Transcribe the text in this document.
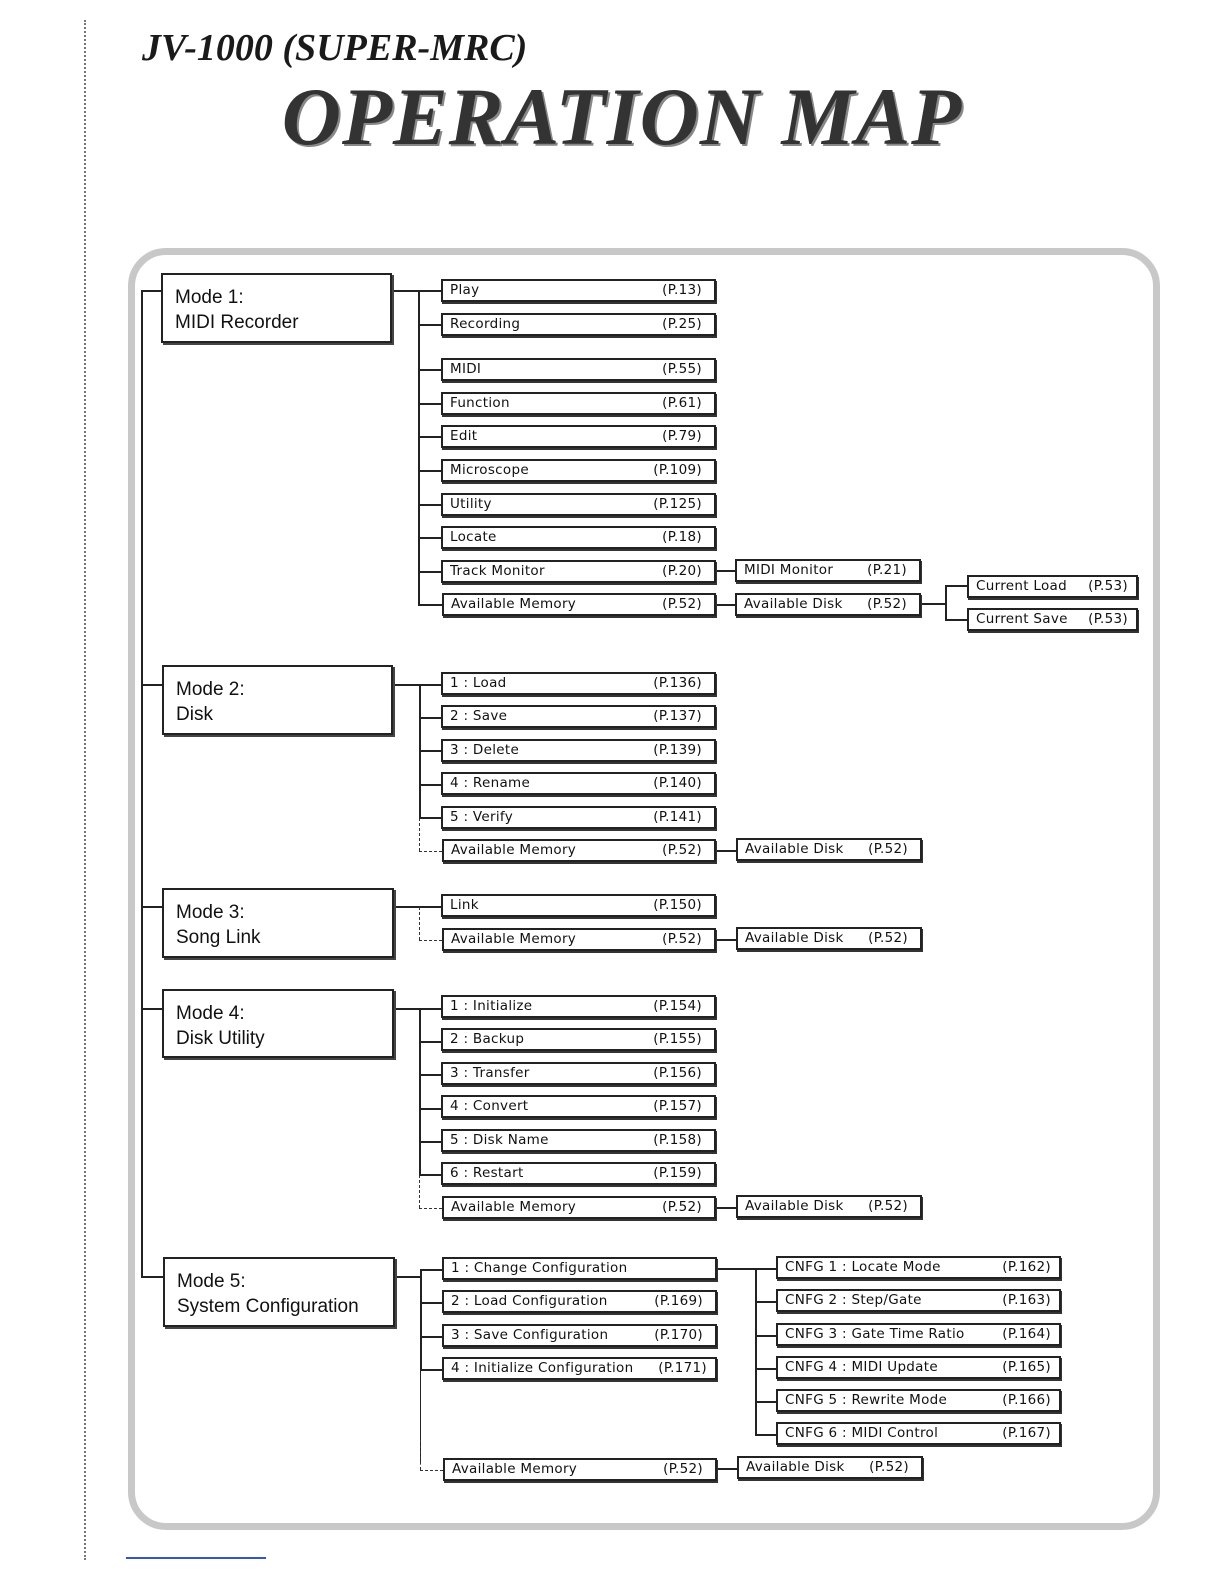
JV-1000 (SUPER-MRC)
OPERATION MAP
Mode 1:
MIDI Recorder
Mode 2:
Disk
Mode 3:
Song Link
Mode 4:
Disk Utility
Mode 5:
System Configuration
Play	(P.13)
Recording	(P.25)
MIDI	(P.55)
Function	(P.61)
Edit	(P.79)
Microscope	(P.109)
Utility	(P.125)
Locate	(P.18)
Track Monitor	(P.20)
Available Memory	(P.52)
MIDI Monitor	(P.21)
Available Disk (P.52)
Current Load (P.53)
Current Save (P.53)
1 : Load	(P.136)
2 : Save	(P.137)
3 : Delete	(P.139)
4 : Rename	(P.140)
5 : Verify	(P.141)
Available Memory	(P.52)	Available Disk (P.52)
Link	(P.150)
Available Memory	(P.52)	Available Disk (P.52)
1 : Initialize	(P.154)
2 : Backup	(P.155)
3 : Transfer	(P.156)
4 : Convert	(P.157)
5 : Disk Name	(P.158)
6 : Restart	(P.159)
Available Memory	(P.52)	Available Disk (P.52)
1 : Change Configuration
2 : Load Configuration	(P.169)
3 : Save Configuration	(P.170)
4 : Initialize Configuration (P.171)
Available Memory	(P.52)
CNFG 1 : Locate Mode	(P.162)
CNFG 2 : Step/Gate	(P.163)
CNFG 3 : Gate Time Ratio	(P.164)
CNFG 4 : MIDI Update	(P.165)
CNFG 5 : Rewrite Mode	(P.166)
CNFG 6 : MIDI Control	(P.167)
Available Disk (P.52)
